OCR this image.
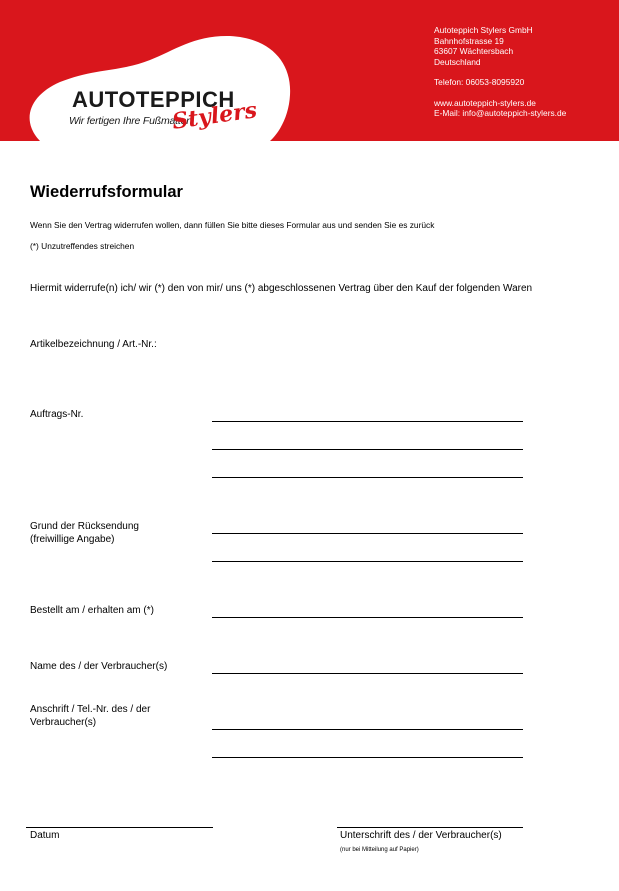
AUTOTEPPICH
Wir fertigen Ihre Fußmatten
Stylers
Autoteppich Stylers GmbH
Bahnhofstrasse 19
63607 Wächtersbach
Deutschland
Telefon: 06053-8095920
www.autoteppich-stylers.de
E-Mail: info@autoteppich-stylers.de
Wiederrufsformular
Wenn Sie den Vertrag widerrufen wollen, dann füllen Sie bitte dieses Formular aus und senden Sie es zurück
(*) Unzutreffendes streichen
Hiermit widerrufe(n) ich/ wir (*) den von mir/ uns (*) abgeschlossenen Vertrag über den Kauf der folgenden Waren
Artikelbezeichnung / Art.-Nr.:
Auftrags-Nr.
Grund der Rücksendung
(freiwillige Angabe)
Bestellt am / erhalten am (*)
Name des / der Verbraucher(s)
Anschrift / Tel.-Nr. des / der
Verbraucher(s)
Datum	Unterschrift des / der Verbraucher(s)
(nur bei Mitteilung auf Papier)
